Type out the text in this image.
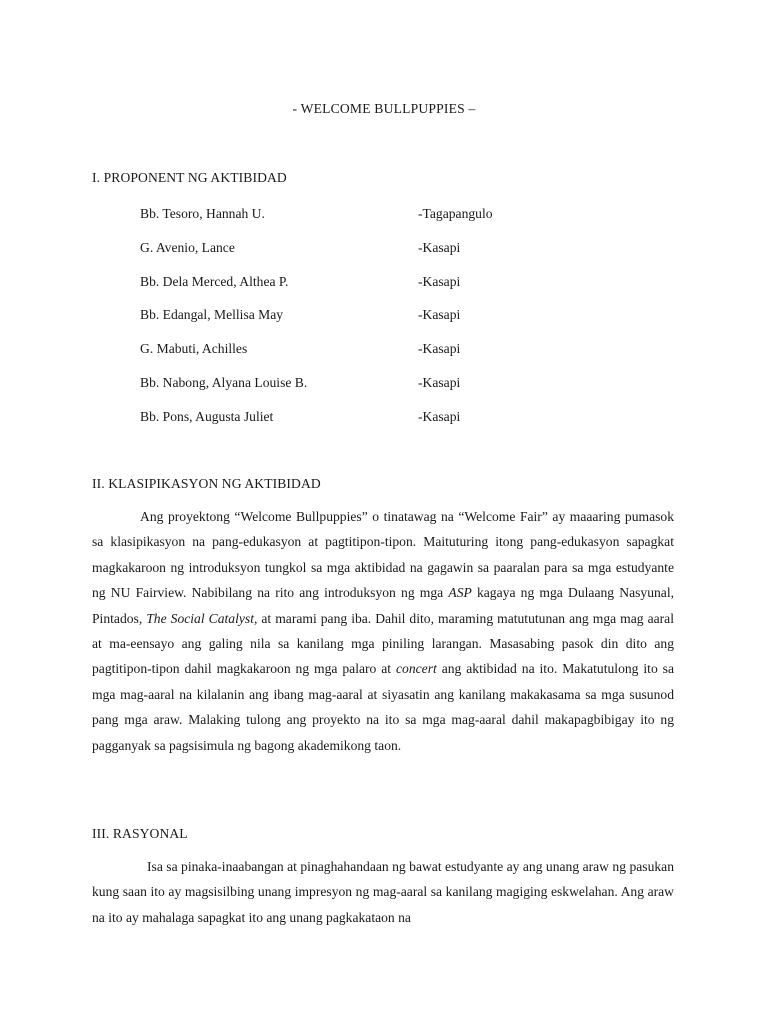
- WELCOME BULLPUPPIES –
I. PROPONENT NG AKTIBIDAD
Bb. Tesoro, Hannah U.	-Tagapangulo
G. Avenio, Lance	-Kasapi
Bb. Dela Merced, Althea P.	-Kasapi
Bb. Edangal, Mellisa May	-Kasapi
G. Mabuti, Achilles	-Kasapi
Bb. Nabong, Alyana Louise B.	-Kasapi
Bb. Pons, Augusta Juliet	-Kasapi
II. KLASIPIKASYON NG AKTIBIDAD
Ang proyektong “Welcome Bullpuppies” o tinatawag na “Welcome Fair” ay maaaring pumasok sa klasipikasyon na pang-edukasyon at pagtitipon-tipon. Maituturing itong pang-edukasyon sapagkat magkakaroon ng introduksyon tungkol sa mga aktibidad na gagawin sa paaralan para sa mga estudyante ng NU Fairview. Nabibilang na rito ang introduksyon ng mga ASP kagaya ng mga Dulaang Nasyunal, Pintados, The Social Catalyst, at marami pang iba. Dahil dito, maraming matututunan ang mga mag aaral at ma-eensayo ang galing nila sa kanilang mga piniling larangan. Masasabing pasok din dito ang pagtitipon-tipon dahil magkakaroon ng mga palaro at concert ang aktibidad na ito. Makatutulong ito sa mga mag-aaral na kilalanin ang ibang mag-aaral at siyasatin ang kanilang makakasama sa mga susunod pang mga araw. Malaking tulong ang proyekto na ito sa mga mag-aaral dahil makapagbibigay ito ng pagganyak sa pagsisimula ng bagong akademikong taon.
III. RASYONAL
Isa sa pinaka-inaabangan at pinaghahandaan ng bawat estudyante ay ang unang araw ng pasukan kung saan ito ay magsisilbing unang impresyon ng mag-aaral sa kanilang magiging eskwelahan. Ang araw na ito ay mahalaga sapagkat ito ang unang pagkakataon na
